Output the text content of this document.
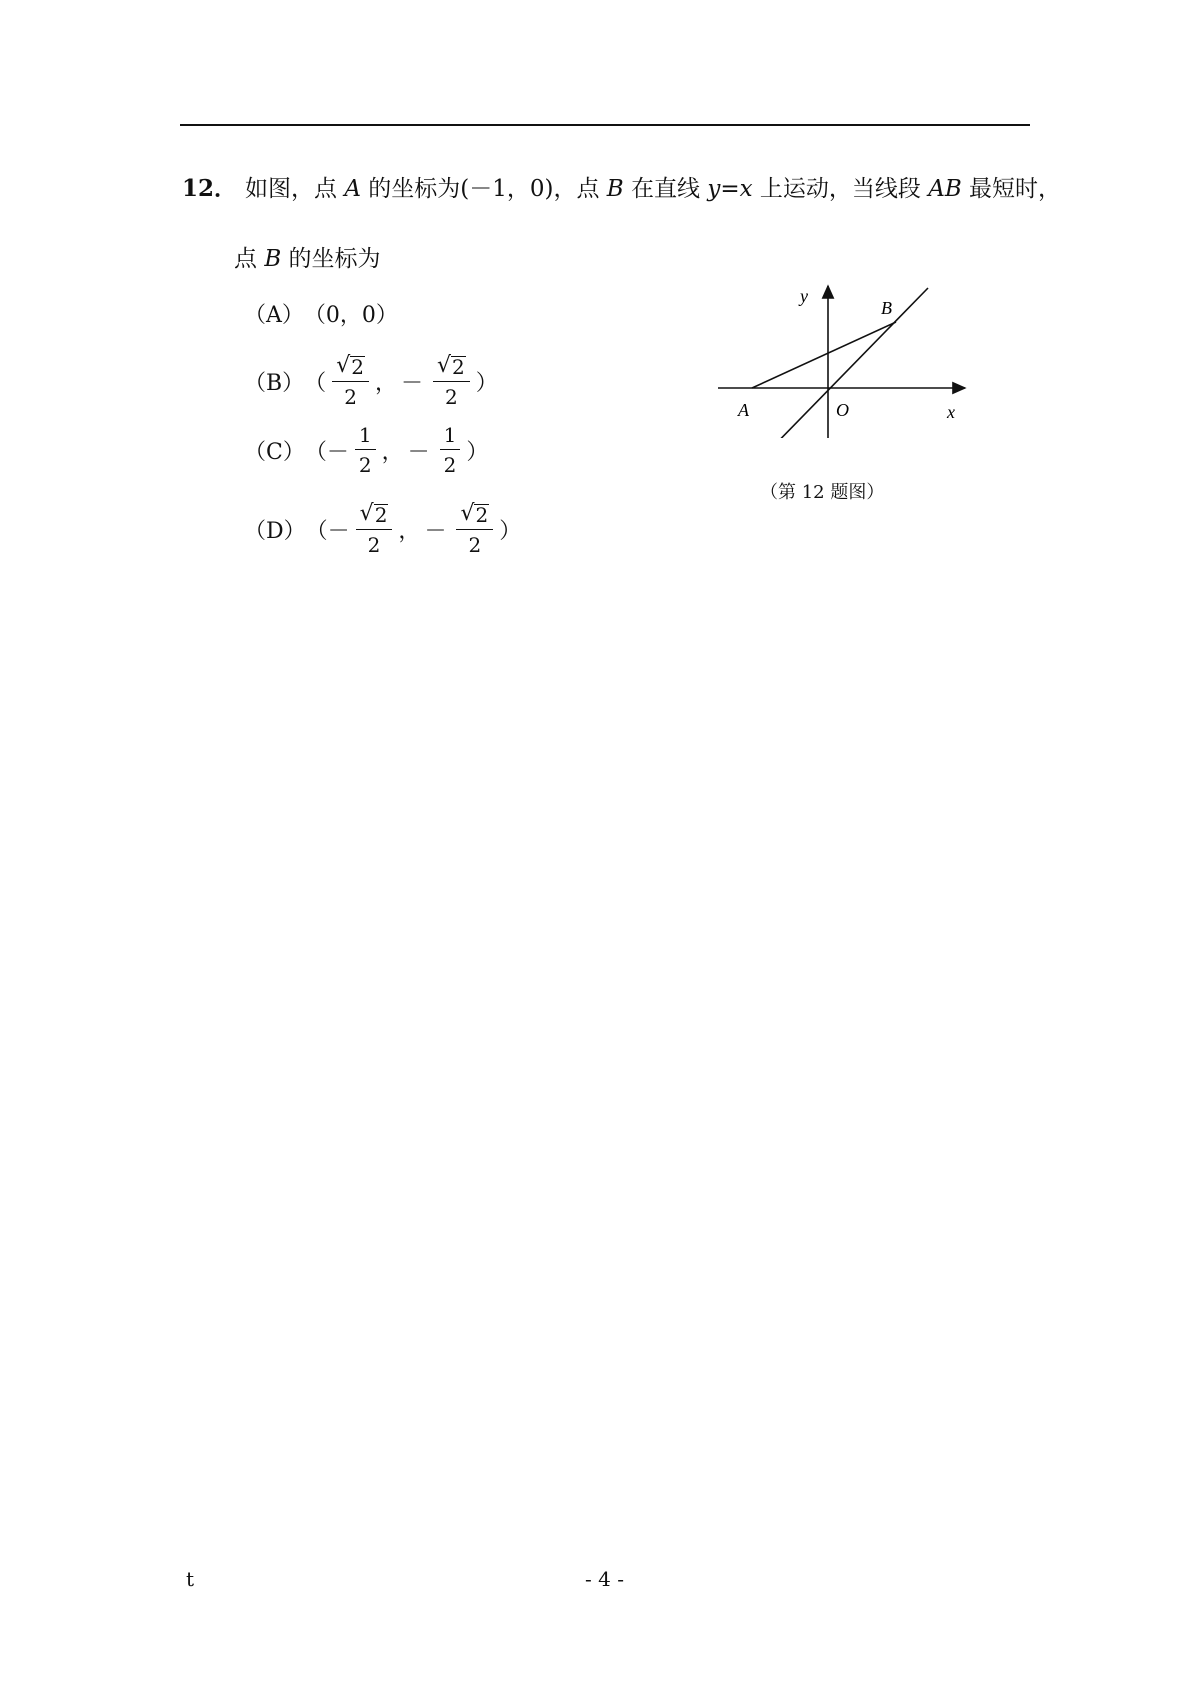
12． 如图，点 A 的坐标为(－1，0)，点 B 在直线 y=x 上运动，当线段 AB 最短时，
点 B 的坐标为
（A） （0，0）
（B） （ $\frac{√ 2}{2}$ ， － $\frac{√ 2}{2}$ ）
（C） （－ $\frac{1}{2}$ ， － $\frac{1}{2}$ ）
（D） （－ $\frac{√ 2}{2}$ ， － $\frac{√ 2}{2}$ ）
y
B
A	O	x
（第 12 题图）
t	- 4 -
